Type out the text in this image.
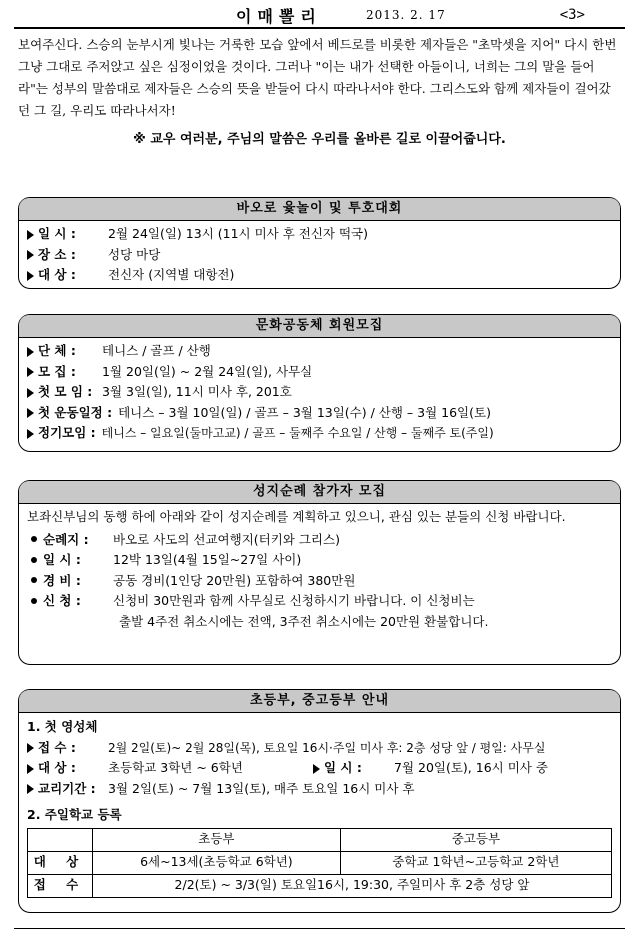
이매뽈리	2013. 2. 17	<3>

보여주신다. 스승의 눈부시게 빛나는 거룩한 모습 앞에서 베드로를 비롯한 제자들은 "초막셋을 지어" 다시 한번 그냥 그대로 주저앉고 싶은 심정이었을 것이다. 그러나 "이는 내가 선택한 아들이니, 너희는 그의 말을 들어라"는 성부의 말씀대로 제자들은 스승의 뜻을 받들어 다시 따라나서야 한다. 그리스도와 함께 제자들이 걸어갔던 그 길, 우리도 따라나서자!

※ 교우 여러분, 주님의 말씀은 우리를 올바른 길로 이끌어줍니다.
바오로 윷놀이 및 투호대회
일 시 :	2월 24일(일) 13시 (11시 미사 후 전신자 떡국)
장 소 :	성당 마당
대 상 :	전신자 (지역별 대항전)
문화공동체 회원모집
단 체 : 테니스 / 골프 / 산행
모 집 : 1월 20일(일) ~ 2월 24일(일), 사무실
첫 모 임 : 3월 3일(일), 11시 미사 후, 201호
첫 운동일정 : 테니스 – 3월 10일(일) / 골프 – 3월 13일(수) / 산행 – 3월 16일(토)
정기모임 : 테니스 – 일요일(둘마고교) / 골프 – 둘째주 수요일 / 산행 – 둘째주 토(주일)
성지순례 참가자 모집
보좌신부님의 동행 하에 아래와 같이 성지순례를 계획하고 있으니, 관심 있는 분들의 신청 바랍니다.
순례지 : 바오로 사도의 선교여행지(터키와 그리스)
일 시 :	12박 13일(4월 15일~27일 사이)
경 비 :	공동 경비(1인당 20만원) 포함하여 380만원
신 청 :	신청비 30만원과 함께 사무실로 신청하시기 바랍니다. 이 신청비는
출발 4주전 취소시에는 전액, 3주전 취소시에는 20만원 환불합니다.
초등부, 중고등부 안내
1. 첫 영성체
접 수 :	2월 2일(토)~ 2월 28일(목), 토요일 16시·주일 미사 후: 2층 성당 앞 / 평일: 사무실
대 상 :	초등학교 3학년 ~ 6학년	일 시 :	7월 20일(토), 16시 미사 중
교리기간 : 3월 2일(토) ~ 7월 13일(토), 매주 토요일 16시 미사 후
2. 주일학교 등록
	초등부	중고등부
대 상	6세~13세(초등학교 6학년)	중학교 1학년~고등학교 2학년
접 수	2/2(토) ~ 3/3(일) 토요일16시, 19:30, 주일미사 후 2층 성당 앞	
